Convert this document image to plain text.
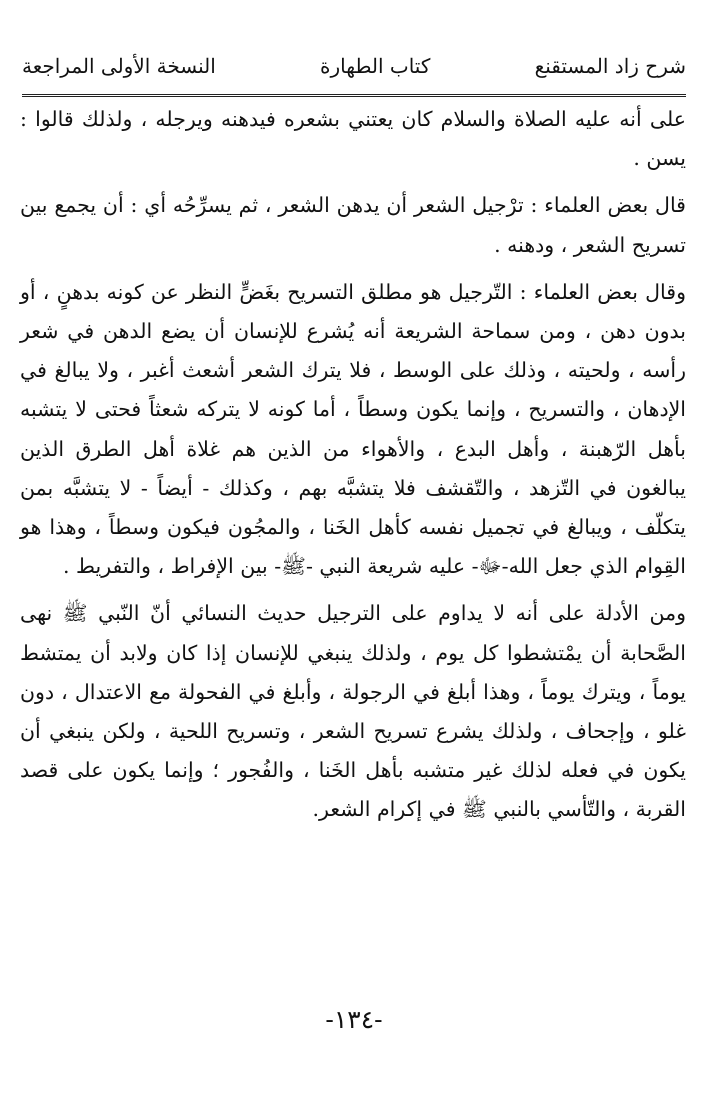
شرح زاد المستقنع
كتاب الطهارة
النسخة الأولى المراجعة

على أنه عليه الصلاة والسلام كان يعتني بشعره فيدهنه ويرجله ، ولذلك قالوا : يسن .

قال بعض العلماء : ترْجيل الشعر أن يدهن الشعر ، ثم يسرِّحُه أي : أن يجمع بين تسريح الشعر ، ودهنه .

وقال بعض العلماء : التّرجيل هو مطلق التسريح بغَضٍّ النظر عن كونه بدهنٍ ، أو بدون دهن ، ومن سماحة الشريعة أنه يُشرع للإنسان أن يضع الدهن في شعر رأسه ، ولحيته ، وذلك على الوسط ، فلا يترك الشعر أشعث أغبر ، ولا يبالغ في الإدهان ، والتسريح ، وإنما يكون وسطاً ، أما كونه لا يتركه شعثاً فحتى لا يتشبه بأهل الرّهبنة ، وأهل البدع ، والأهواء من الذين هم غلاة أهل الطرق الذين يبالغون في التّزهد ، والتّقشف فلا يتشبَّه بهم ، وكذلك - أيضاً - لا يتشبَّه بمن يتكلّف ، ويبالغ في تجميل نفسه كأهل الخَنا ، والمجُون فيكون وسطاً ، وهذا هو القِوام الذي جعل الله-ﷻ- عليه شريعة النبي -ﷺ- بين الإفراط ، والتفريط .

ومن الأدلة على أنه لا يداوم على الترجيل حديث النسائي أنّ النّبي ﷺ نهى الصَّحابة أن يمْتشطوا كل يوم ، ولذلك ينبغي للإنسان إذا كان ولابد أن يمتشط يوماً ، ويترك يوماً ، وهذا أبلغ في الرجولة ، وأبلغ في الفحولة مع الاعتدال ، دون غلو ، وإجحاف ، ولذلك يشرع تسريح الشعر ، وتسريح اللحية ، ولكن ينبغي أن يكون في فعله لذلك غير متشبه بأهل الخَنا ، والفُجور ؛ وإنما يكون على قصد القربة ، والتّأسي بالنبي ﷺ في إكرام الشعر.

-١٣٤-
